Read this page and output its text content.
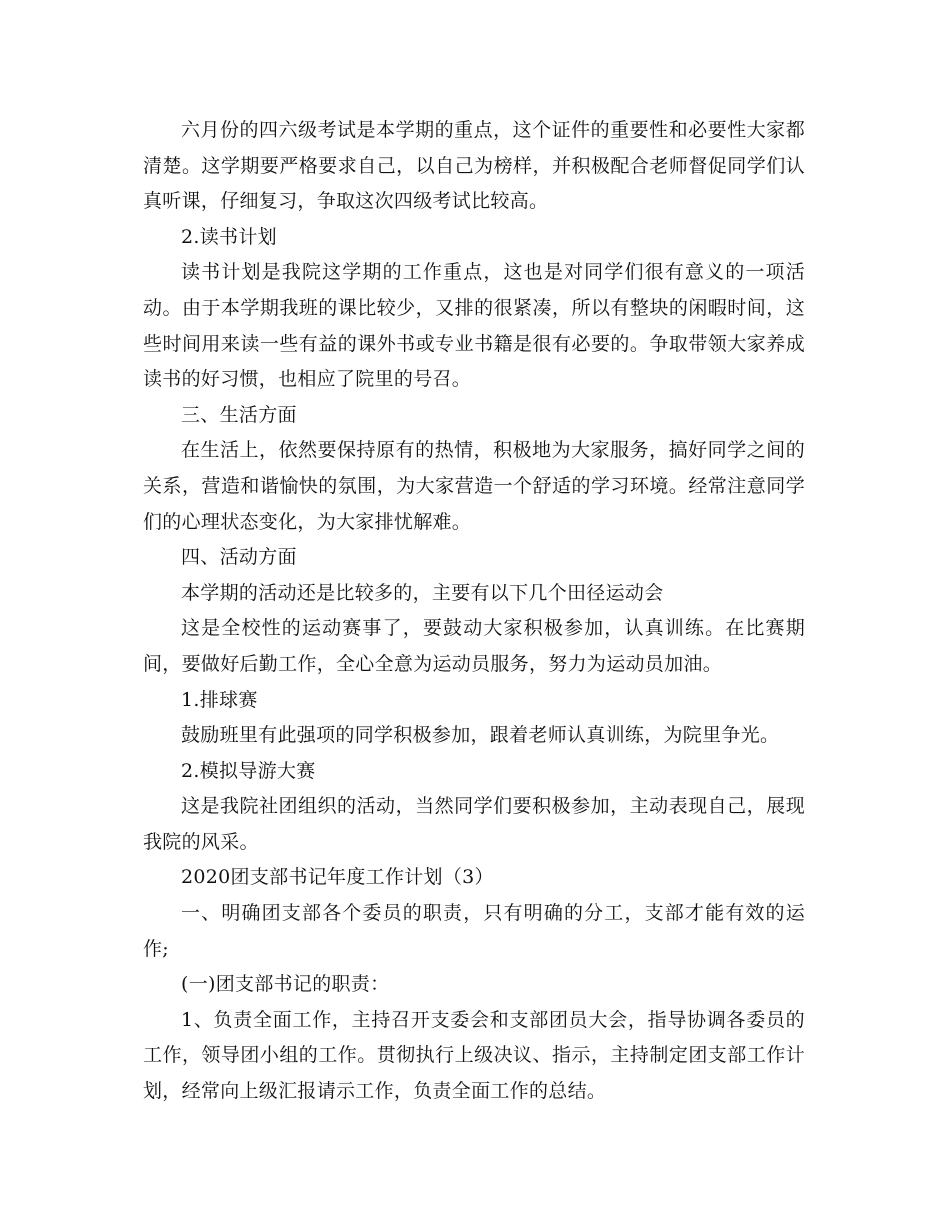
六月份的四六级考试是本学期的重点，这个证件的重要性和必要性大家都清楚。这学期要严格要求自己，以自己为榜样，并积极配合老师督促同学们认真听课，仔细复习，争取这次四级考试比较高。

2.读书计划

读书计划是我院这学期的工作重点，这也是对同学们很有意义的一项活动。由于本学期我班的课比较少，又排的很紧凑，所以有整块的闲暇时间，这些时间用来读一些有益的课外书或专业书籍是很有必要的。争取带领大家养成读书的好习惯，也相应了院里的号召。

三、生活方面

在生活上，依然要保持原有的热情，积极地为大家服务，搞好同学之间的关系，营造和谐愉快的氛围，为大家营造一个舒适的学习环境。经常注意同学们的心理状态变化，为大家排忧解难。

四、活动方面

本学期的活动还是比较多的，主要有以下几个田径运动会

这是全校性的运动赛事了，要鼓动大家积极参加，认真训练。在比赛期间，要做好后勤工作，全心全意为运动员服务，努力为运动员加油。

1.排球赛

鼓励班里有此强项的同学积极参加，跟着老师认真训练，为院里争光。

2.模拟导游大赛

这是我院社团组织的活动，当然同学们要积极参加，主动表现自己，展现我院的风采。

2020团支部书记年度工作计划（3）

一、明确团支部各个委员的职责，只有明确的分工，支部才能有效的运作;

(一)团支部书记的职责：

1、负责全面工作，主持召开支委会和支部团员大会，指导协调各委员的工作，领导团小组的工作。贯彻执行上级决议、指示，主持制定团支部工作计划，经常向上级汇报请示工作，负责全面工作的总结。
